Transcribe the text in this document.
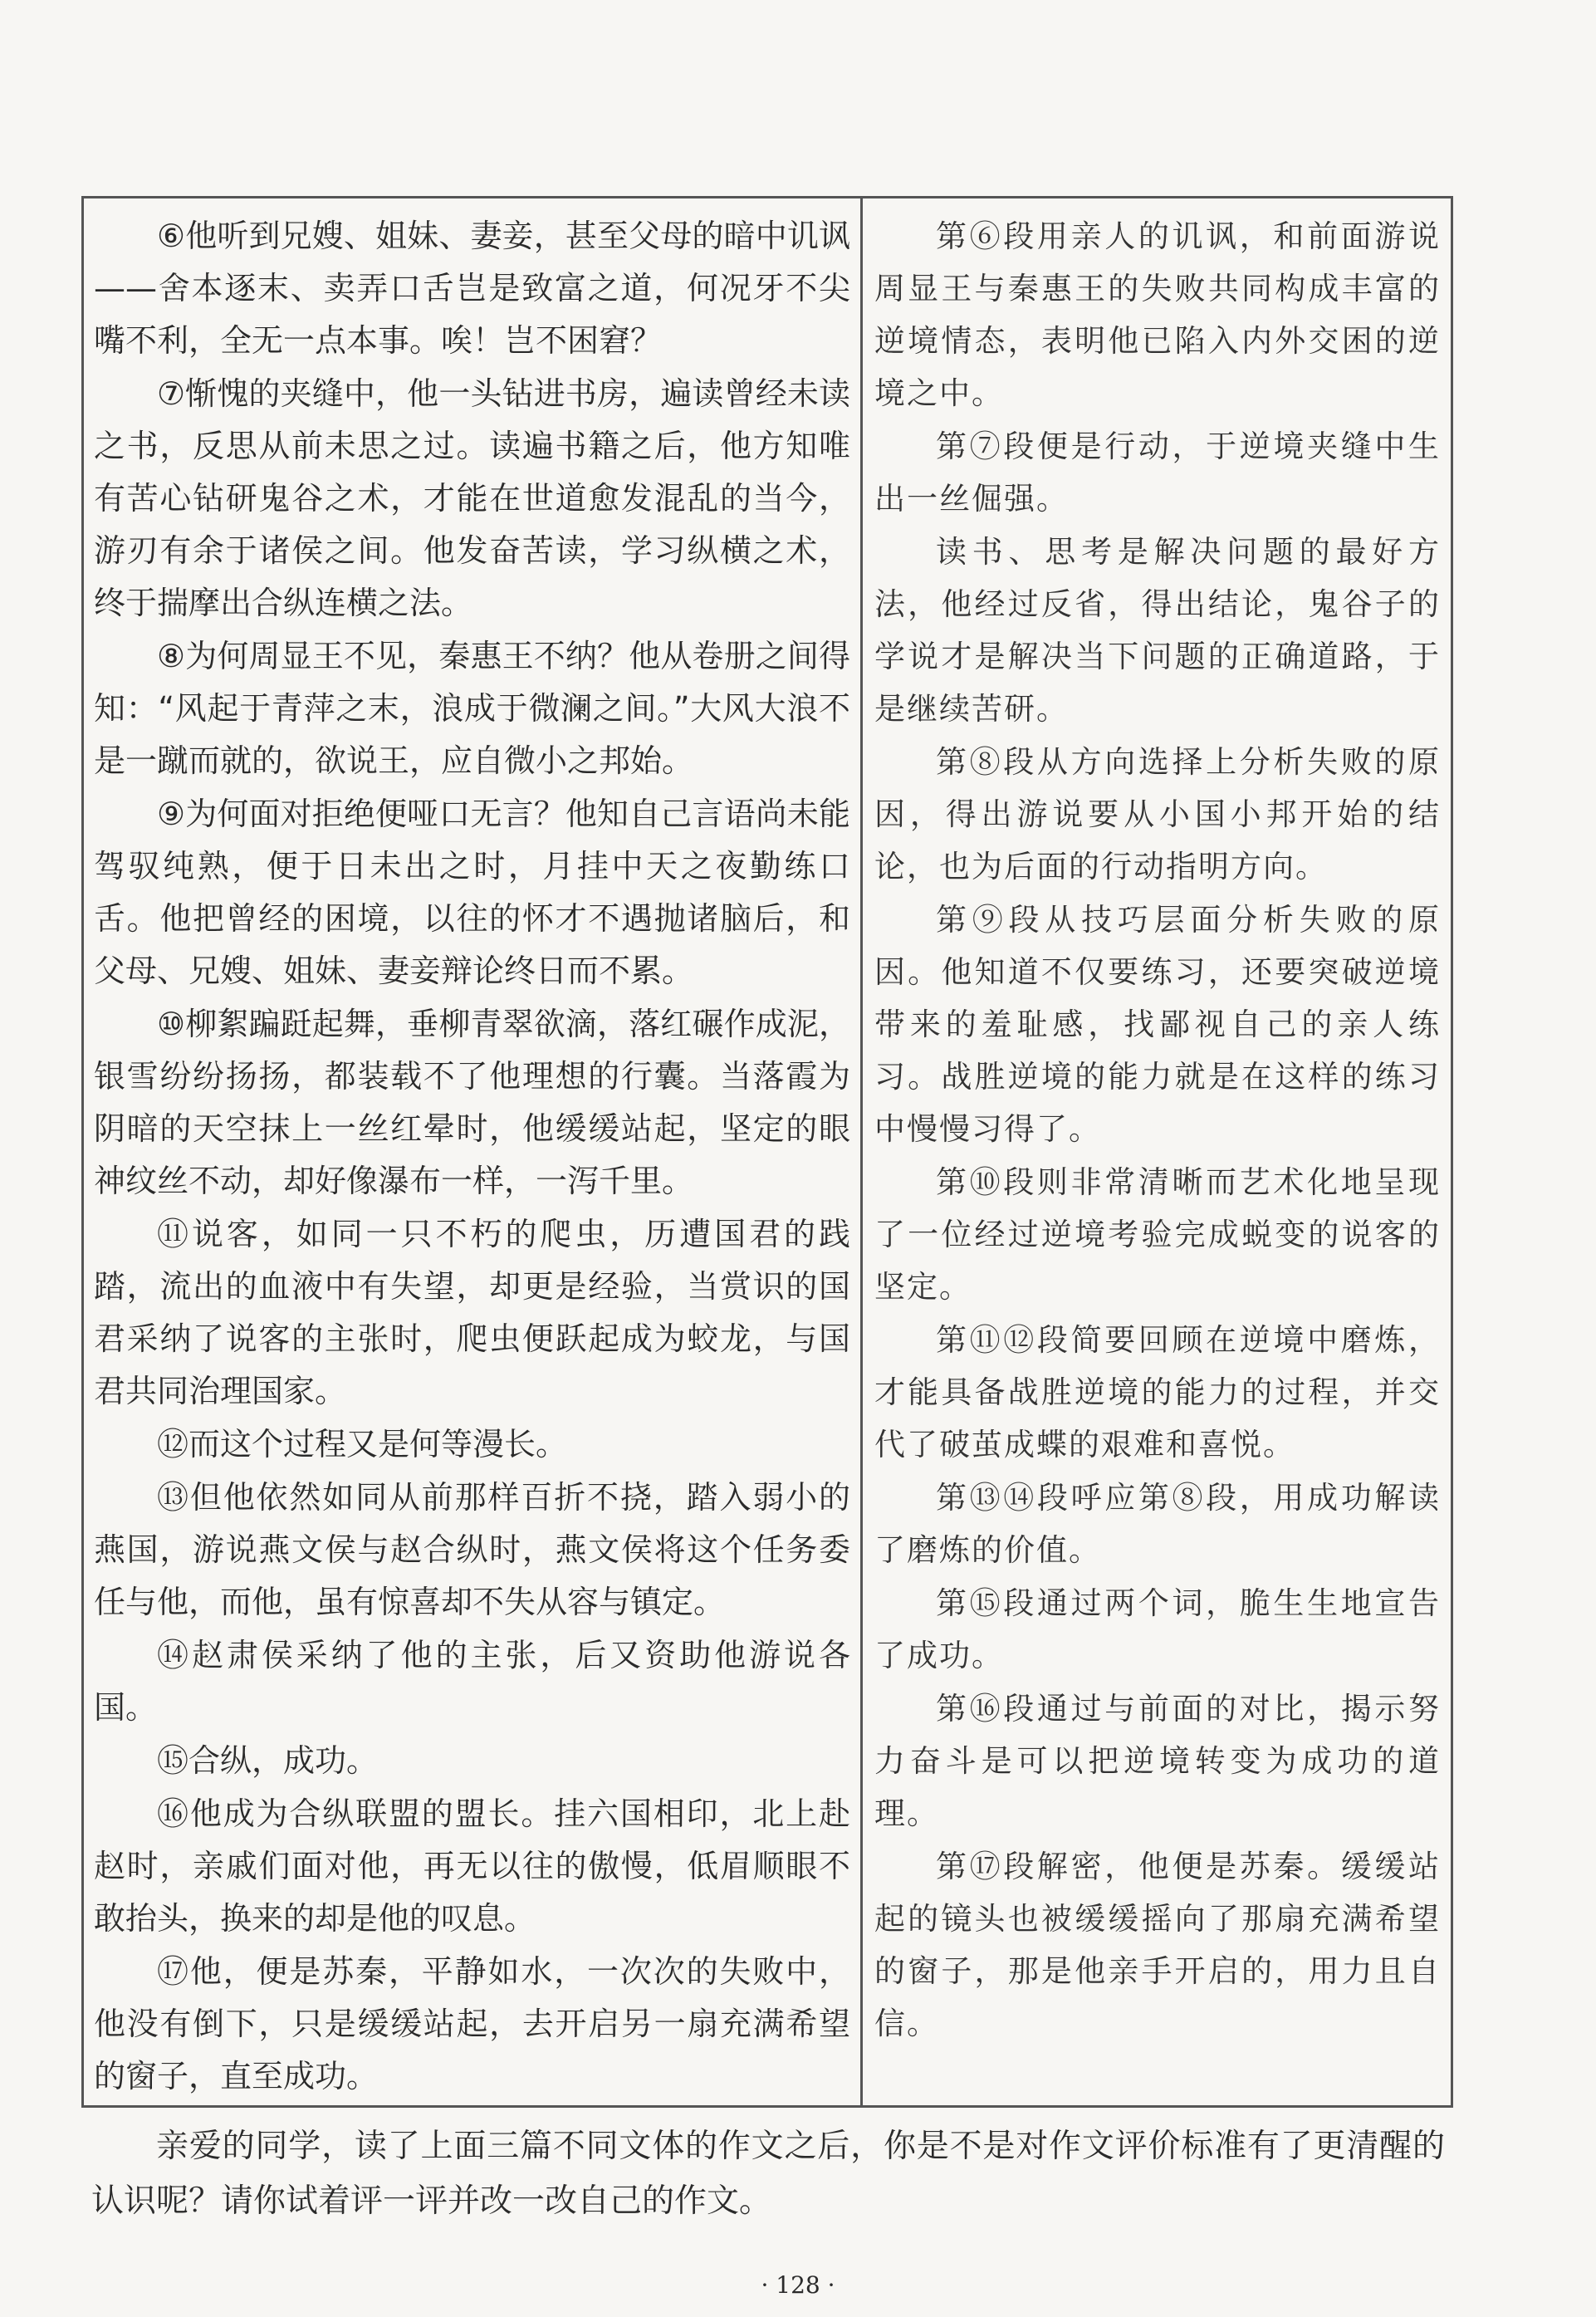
⑥他听到兄嫂、姐妹、妻妾，甚至父母的暗中讥讽——舍本逐末、卖弄口舌岂是致富之道，何况牙不尖嘴不利，全无一点本事。唉！岂不困窘？

⑦惭愧的夹缝中，他一头钻进书房，遍读曾经未读之书，反思从前未思之过。读遍书籍之后，他方知唯有苦心钻研鬼谷之术，才能在世道愈发混乱的当今，游刃有余于诸侯之间。他发奋苦读，学习纵横之术，终于揣摩出合纵连横之法。

⑧为何周显王不见，秦惠王不纳？他从卷册之间得知：“风起于青萍之末，浪成于微澜之间。”大风大浪不是一蹴而就的，欲说王，应自微小之邦始。

⑨为何面对拒绝便哑口无言？他知自己言语尚未能驾驭纯熟，便于日未出之时，月挂中天之夜勤练口舌。他把曾经的困境，以往的怀才不遇抛诸脑后，和父母、兄嫂、姐妹、妻妾辩论终日而不累。

⑩柳絮蹁跹起舞，垂柳青翠欲滴，落红碾作成泥，银雪纷纷扬扬，都装载不了他理想的行囊。当落霞为阴暗的天空抹上一丝红晕时，他缓缓站起，坚定的眼神纹丝不动，却好像瀑布一样，一泻千里。

⑪说客，如同一只不朽的爬虫，历遭国君的践踏，流出的血液中有失望，却更是经验，当赏识的国君采纳了说客的主张时，爬虫便跃起成为蛟龙，与国君共同治理国家。

⑫而这个过程又是何等漫长。

⑬但他依然如同从前那样百折不挠，踏入弱小的燕国，游说燕文侯与赵合纵时，燕文侯将这个任务委任与他，而他，虽有惊喜却不失从容与镇定。

⑭赵肃侯采纳了他的主张，后又资助他游说各国。

⑮合纵，成功。

⑯他成为合纵联盟的盟长。挂六国相印，北上赴赵时，亲戚们面对他，再无以往的傲慢，低眉顺眼不敢抬头，换来的却是他的叹息。

⑰他，便是苏秦，平静如水，一次次的失败中，他没有倒下，只是缓缓站起，去开启另一扇充满希望的窗子，直至成功。

第⑥段用亲人的讥讽，和前面游说周显王与秦惠王的失败共同构成丰富的逆境情态，表明他已陷入内外交困的逆境之中。

第⑦段便是行动，于逆境夹缝中生出一丝倔强。

读书、思考是解决问题的最好方法，他经过反省，得出结论，鬼谷子的学说才是解决当下问题的正确道路，于是继续苦研。

第⑧段从方向选择上分析失败的原因，得出游说要从小国小邦开始的结论，也为后面的行动指明方向。

第⑨段从技巧层面分析失败的原因。他知道不仅要练习，还要突破逆境带来的羞耻感，找鄙视自己的亲人练习。战胜逆境的能力就是在这样的练习中慢慢习得了。

第⑩段则非常清晰而艺术化地呈现了一位经过逆境考验完成蜕变的说客的坚定。

第⑪⑫段简要回顾在逆境中磨炼，才能具备战胜逆境的能力的过程，并交代了破茧成蝶的艰难和喜悦。

第⑬⑭段呼应第⑧段，用成功解读了磨炼的价值。

第⑮段通过两个词，脆生生地宣告了成功。

第⑯段通过与前面的对比，揭示努力奋斗是可以把逆境转变为成功的道理。

第⑰段解密，他便是苏秦。缓缓站起的镜头也被缓缓摇向了那扇充满希望的窗子，那是他亲手开启的，用力且自信。

亲爱的同学，读了上面三篇不同文体的作文之后，你是不是对作文评价标准有了更清醒的认识呢？请你试着评一评并改一改自己的作文。

· 128 ·
